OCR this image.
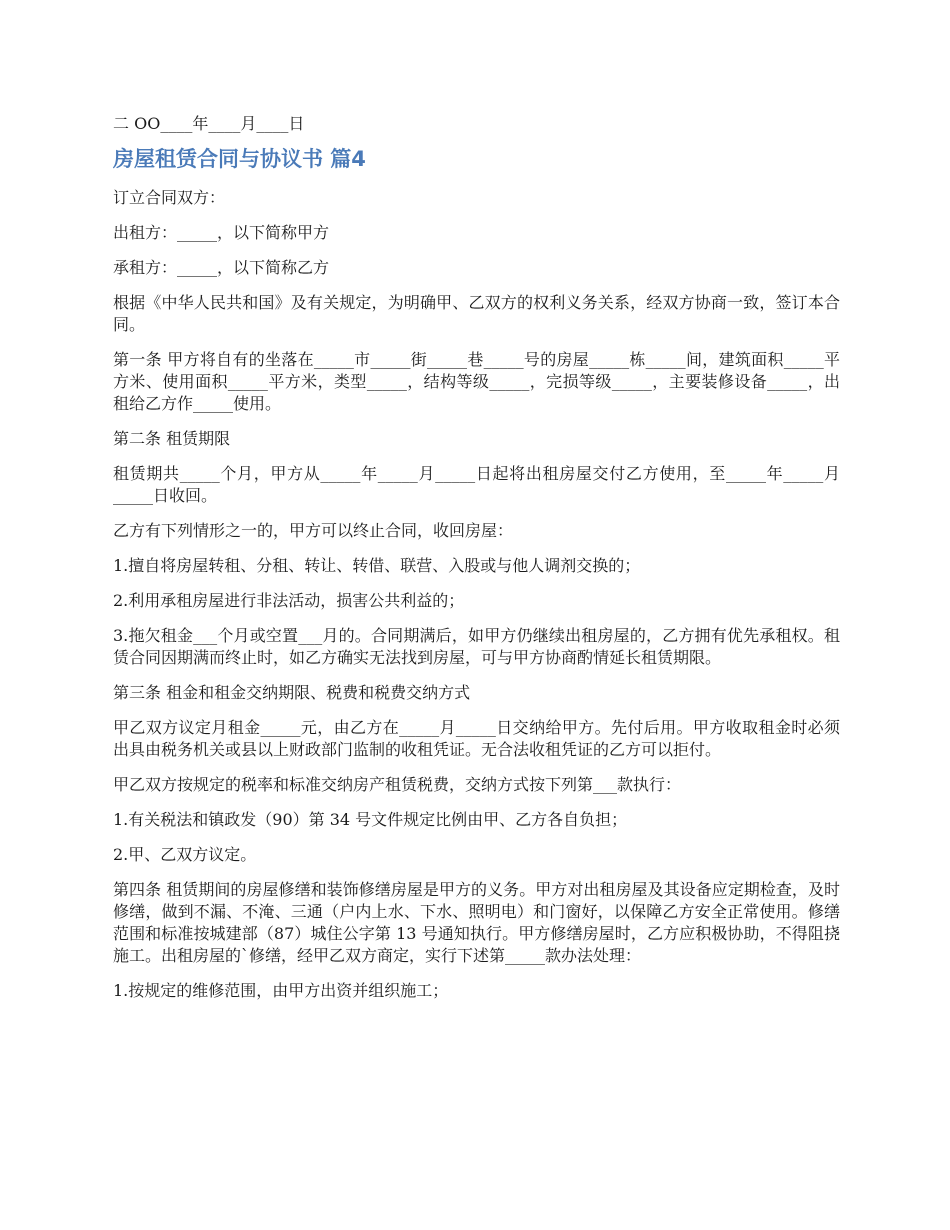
二 OO____年____月____日

房屋租赁合同与协议书 篇4

订立合同双方：

出租方：_____，以下简称甲方

承租方：_____，以下简称乙方

根据《中华人民共和国》及有关规定，为明确甲、乙双方的权利义务关系，经双方协商一致，签订本合同。

第一条 甲方将自有的坐落在_____市_____街_____巷_____号的房屋_____栋_____间，建筑面积_____平方米、使用面积_____平方米，类型_____，结构等级_____，完损等级_____，主要装修设备_____，出租给乙方作_____使用。

第二条 租赁期限

租赁期共_____个月，甲方从_____年_____月_____日起将出租房屋交付乙方使用，至_____年_____月_____日收回。

乙方有下列情形之一的，甲方可以终止合同，收回房屋：

1.擅自将房屋转租、分租、转让、转借、联营、入股或与他人调剂交换的；

2.利用承租房屋进行非法活动，损害公共利益的；

3.拖欠租金___个月或空置___月的。合同期满后，如甲方仍继续出租房屋的，乙方拥有优先承租权。租赁合同因期满而终止时，如乙方确实无法找到房屋，可与甲方协商酌情延长租赁期限。

第三条 租金和租金交纳期限、税费和税费交纳方式

甲乙双方议定月租金_____元，由乙方在_____月_____日交纳给甲方。先付后用。甲方收取租金时必须出具由税务机关或县以上财政部门监制的收租凭证。无合法收租凭证的乙方可以拒付。

甲乙双方按规定的税率和标准交纳房产租赁税费，交纳方式按下列第___款执行：

1.有关税法和镇政发（90）第 34 号文件规定比例由甲、乙方各自负担；

2.甲、乙双方议定。

第四条 租赁期间的房屋修缮和装饰修缮房屋是甲方的义务。甲方对出租房屋及其设备应定期检查，及时修缮，做到不漏、不淹、三通（户内上水、下水、照明电）和门窗好，以保障乙方安全正常使用。修缮范围和标准按城建部（87）城住公字第 13 号通知执行。甲方修缮房屋时，乙方应积极协助，不得阻挠施工。出租房屋的`修缮，经甲乙双方商定，实行下述第_____款办法处理：

1.按规定的维修范围，由甲方出资并组织施工；
